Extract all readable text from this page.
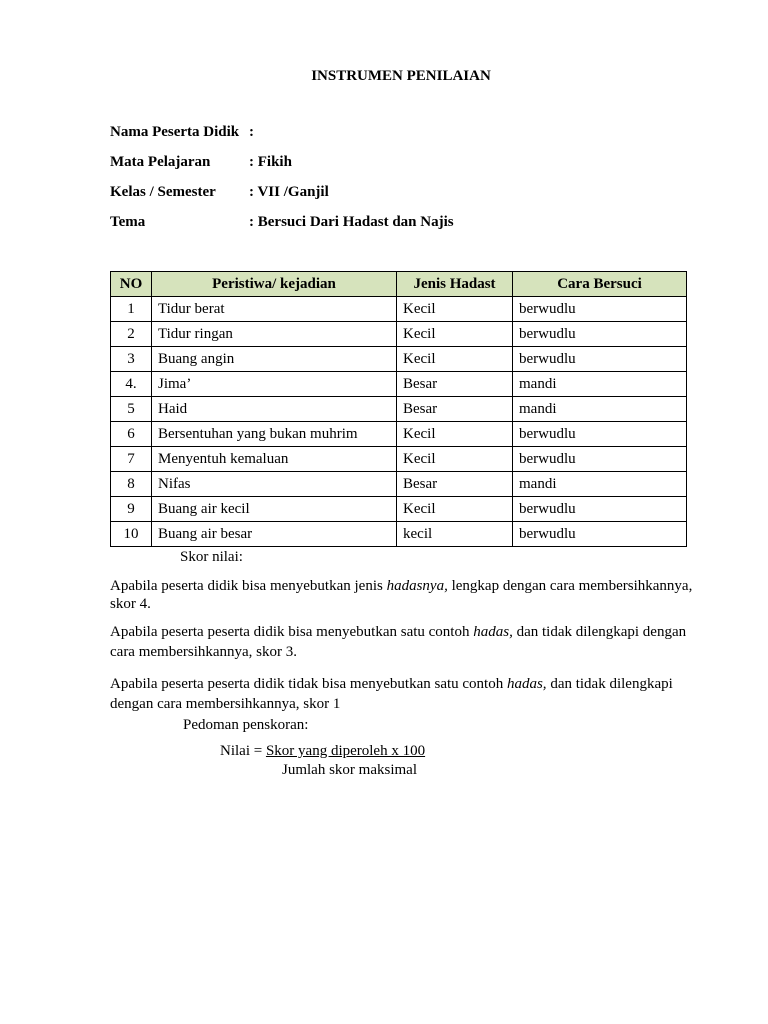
INSTRUMEN PENILAIAN
Nama Peserta Didik :
Mata Pelajaran	: Fikih
Kelas / Semester : VII /Ganjil
Tema	: Bersuci Dari Hadast dan Najis
NO	Peristiwa/ kejadian	Jenis Hadast	Cara Bersuci
1	Tidur berat	Kecil	berwudlu
2	Tidur ringan	Kecil	berwudlu
3	Buang angin	Kecil	berwudlu
4.	Jima’	Besar	mandi
5	Haid	Besar	mandi
6	Bersentuhan yang bukan muhrim	Kecil	berwudlu
7	Menyentuh kemaluan	Kecil	berwudlu
8	Nifas	Besar	mandi
9	Buang air kecil	Kecil	berwudlu
10	Buang air besar	kecil	berwudlu
Skor nilai:
Apabila peserta didik bisa menyebutkan jenis hadasnya, lengkap dengan cara membersihkannya, skor 4.
Apabila peserta peserta didik bisa menyebutkan satu contoh hadas, dan tidak dilengkapi dengan cara membersihkannya, skor 3.
Apabila peserta peserta didik tidak bisa menyebutkan satu contoh hadas, dan tidak dilengkapi dengan cara membersihkannya, skor 1
Pedoman penskoran:
Nilai = Skor yang diperoleh x 100
Jumlah skor maksimal
